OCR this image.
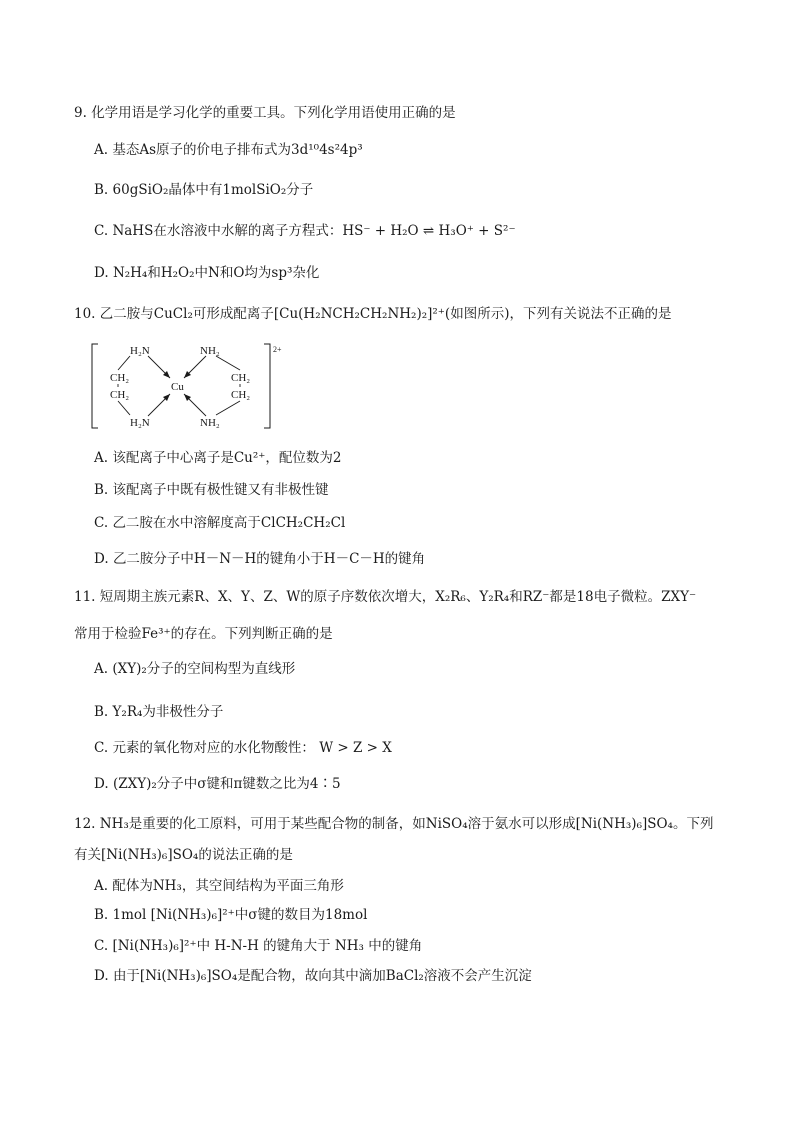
9. 化学用语是学习化学的重要工具。下列化学用语使用正确的是
A. 基态As原子的价电子排布式为3d¹⁰4s²4p³
B. 60gSiO₂晶体中有1molSiO₂分子
C. NaHS在水溶液中水解的离子方程式：HS⁻ + H₂O ⇌ H₃O⁺ + S²⁻
D. N₂H₄和H₂O₂中N和O均为sp³杂化
10. 乙二胺与CuCl₂可形成配离子[Cu(H₂NCH₂CH₂NH₂)₂]²⁺(如图所示)，下列有关说法不正确的是
2+
H₂N	NH₂
CH₂
CH₂
CH₂
CH₂
Cu
H₂N	NH₂
A. 该配离子中心离子是Cu²⁺，配位数为2
B. 该配离子中既有极性键又有非极性键
C. 乙二胺在水中溶解度高于ClCH₂CH₂Cl
D. 乙二胺分子中H－N－H的键角小于H－C－H的键角
11. 短周期主族元素R、X、Y、Z、W的原子序数依次增大，X₂R₆、Y₂R₄和RZ⁻都是18电子微粒。ZXY⁻
常用于检验Fe³⁺的存在。下列判断正确的是
A. (XY)₂分子的空间构型为直线形
B. Y₂R₄为非极性分子
C. 元素的氧化物对应的水化物酸性： W > Z > X
D. (ZXY)₂分子中σ键和π键数之比为4∶5
12. NH₃是重要的化工原料，可用于某些配合物的制备，如NiSO₄溶于氨水可以形成[Ni(NH₃)₆]SO₄。下列
有关[Ni(NH₃)₆]SO₄的说法正确的是
A. 配体为NH₃，其空间结构为平面三角形
B. 1mol [Ni(NH₃)₆]²⁺中σ键的数目为18mol
C. [Ni(NH₃)₆]²⁺中 H-N-H 的键角大于 NH₃ 中的键角
D. 由于[Ni(NH₃)₆]SO₄是配合物，故向其中滴加BaCl₂溶液不会产生沉淀
